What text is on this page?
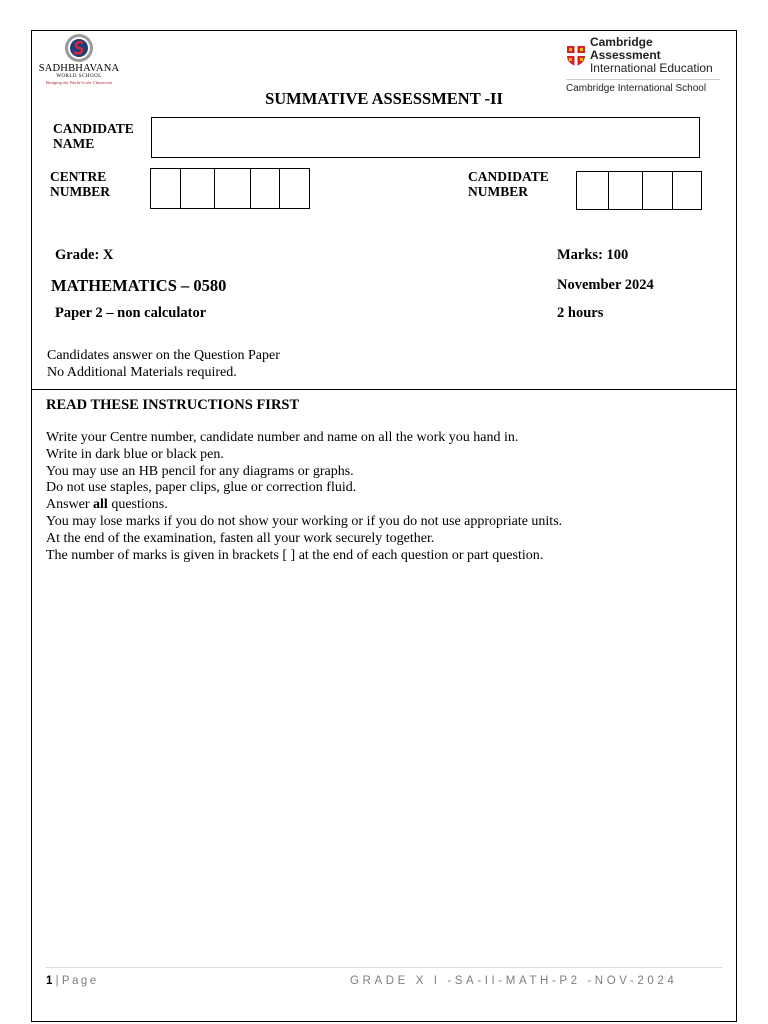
SADHBHAVANA
WORLD SCHOOL
Bringing the World to the Classroom
Cambridge Assessment
International Education
Cambridge International School
SUMMATIVE ASSESSMENT -II
CANDIDATE
NAME
CENTRE
NUMBER
CANDIDATE
NUMBER
Grade: X	Marks: 100
MATHEMATICS – 0580	November 2024
Paper 2 – non calculator	2 hours
Candidates answer on the Question Paper
No Additional Materials required.
READ THESE INSTRUCTIONS FIRST
Write your Centre number, candidate number and name on all the work you hand in.
Write in dark blue or black pen.
You may use an HB pencil for any diagrams or graphs.
Do not use staples, paper clips, glue or correction fluid.
Answer all questions.
You may lose marks if you do not show your working or if you do not use appropriate units.
At the end of the examination, fasten all your work securely together.
The number of marks is given in brackets [ ] at the end of each question or part question.
1 | Page	GRADE X I -SA-II-MATH-P2 -NOV-2024
